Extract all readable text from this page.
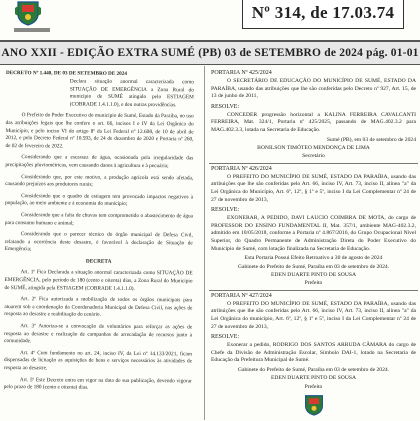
Nº 314, de 17.03.74
ANO XXII - EDIÇÃO EXTRA SUMÉ (PB) 03 de SETEMBRO de 2024 pág. 01-01
DECRETO Nº 1.440, DE 03 DE SETEMBRO DE 2024
Declara situação anormal caracterizada como SITUAÇÃO DE EMERGÊNCIA a Zona Rural do município de SUMÉ atingido pelo ESTIAGEM (COBRADE 1.4.1.1.0), e deu outras providências.
O Prefeito do Poder Executivo do município de Sumé, Estado da Paraíba, no uso das atribuições legais que lhe confere o art. 66, incisos I e IV da Lei Orgânica do Município, e pelo inciso VI do artigo 8º da Lei Federal nº 12.608, de 10 de abril de 2012, e pelo Decreto Federal nº 10.593, de 24 de dezembro de 2020 e Portaria nº 260, de 02 de fevereiro de 2022.
Considerando que a escassez de água, ocasionada pela irregularidade das precipitações pluviométricas, vem causando danos à agricultura e à pecuária;
Considerando que, por este motivo, a produção agrícola está sendo afetada, causando prejuízos aos produtores rurais;
Considerando que o quadro de estiagem tem provocado impactos negativos à população, ao meio ambiente e à economia do município;
Considerando que a falta de chuvas tem comprometido o abastecimento de água para consumo humano e animal;
Considerando que o parecer técnico do órgão municipal de Defesa Civil, relatando a ocorrência deste desastre, é favorável à declaração de Situação de Emergência;
DECRETA
Art. 1º Fica Declarada a situação anormal caracterizada como SITUAÇÃO DE EMERGÊNCIA, pelo período de 180 (cento e oitenta) dias, a Zona Rural do Município de SUMÉ, atingida pela ESTIAGEM (COBRADE 1.4.1.1.0).
Art. 2º Fica autorizada a mobilização de todos os órgãos municipais para atuarem sob a coordenação da Coordenadoria Municipal de Defesa Civil, nas ações de resposta ao desastre e reabilitação do cenário.
Art. 3º Autoriza-se a convocação de voluntários para reforçar as ações de resposta ao desastre e realização de campanhas de arrecadação de recursos junto à comunidade.
Art. 4º Com fundamento no art. 24, inciso IV, da Lei nº 14.133/2021, ficam dispensadas de licitação as aquisições de bens e serviços necessários às atividades de resposta ao desastre.
Art. 5º Este Decreto entra em vigor na data de sua publicação, devendo vigorar pelo prazo de 180 (cento e oitenta) dias.
PORTARIA Nº 425/2024
O SECRETÁRIO DE EDUCAÇÃO DO MUNICÍPIO DE SUMÉ, ESTADO DA PARAÍBA, usando das atribuições que lhe são conferidas pelo Decreto nº 927, Art. 15, de 13 de junho de 2011,
RESOLVE:
CONCEDER progressão horizontal a KALINA FERREIRA CAVALCANTI FERREIRA, Mat. 324/1, Portaria nº 425/2025, passando de MAG.402.3.2 para MAG.402.3.3, lotada na Secretaria de Educação.
Sumé (PB), em 03 de setembro de 2024
BONILSON TIMÓTEO MENDONÇA DE LIMA
Secretário
PORTARIA Nº 426/2024
O PREFEITO DO MUNICÍPIO DE SUMÉ, ESTADO DA PARAÍBA, usando das atribuições que lhe são conferidas pelo Art. 66, inciso IV, Art. 73, inciso II, alínea "a" da Lei Orgânica do Município, Art. 6º, 12º, § 1º e 5º, inciso I da Lei Complementar nº 24 de 27 de novembro de 2013,
RESOLVE:
EXONERAR, A PEDIDO, DAVI LAUCIO COIMBRA DE MOTA, do cargo de PROFESSOR DO ENSINO FUNDAMENTAL II, Mat. 357/1, ambiente MAG-402.3.2, admitido em 10/05/2018, conforme a Portaria nº 4.867/2016, do Grupo Ocupacional Nível Superior, do Quadro Permanente de Administração Direta do Poder Executivo do Município de Sumé, com lotação finalizada na Secretaria de Educação.
Esta Portaria Possui Efeito Retroativo a 30 de agosto de 2024
Gabinete do Prefeito de Sumé, Paraíba em 03 de setembro de 2024.
EDEN DUARTE PINTO DE SOUSA
Prefeito
PORTARIA Nº 427/2024
O PREFEITO DO MUNICÍPIO DE SUMÉ, ESTADO DA PARAÍBA, usando das atribuições que lhe são conferidas pelo Art. 66, inciso IV, Art. 73, inciso II, alínea "a" da Lei Orgânica do município, Art. 6º, 12º, § 1º e 5º, inciso I da Lei Complementar nº 24 de 27 de novembro de 2013,
RESOLVE:
Exonerar a pedido, RODRIGO DOS SANTOS ARRUDA CÂMARA do cargo de Chefe da Divisão de Administração Escolar, Símbolo DAI-1, lotado na Secretaria de Educação da Prefeitura Municipal de Sumé.
Gabinete do Prefeito de Sumé, Paraíba em 03 de setembro de 2024.
EDEN DUARTE PINTO DE SOUSA
Prefeito
